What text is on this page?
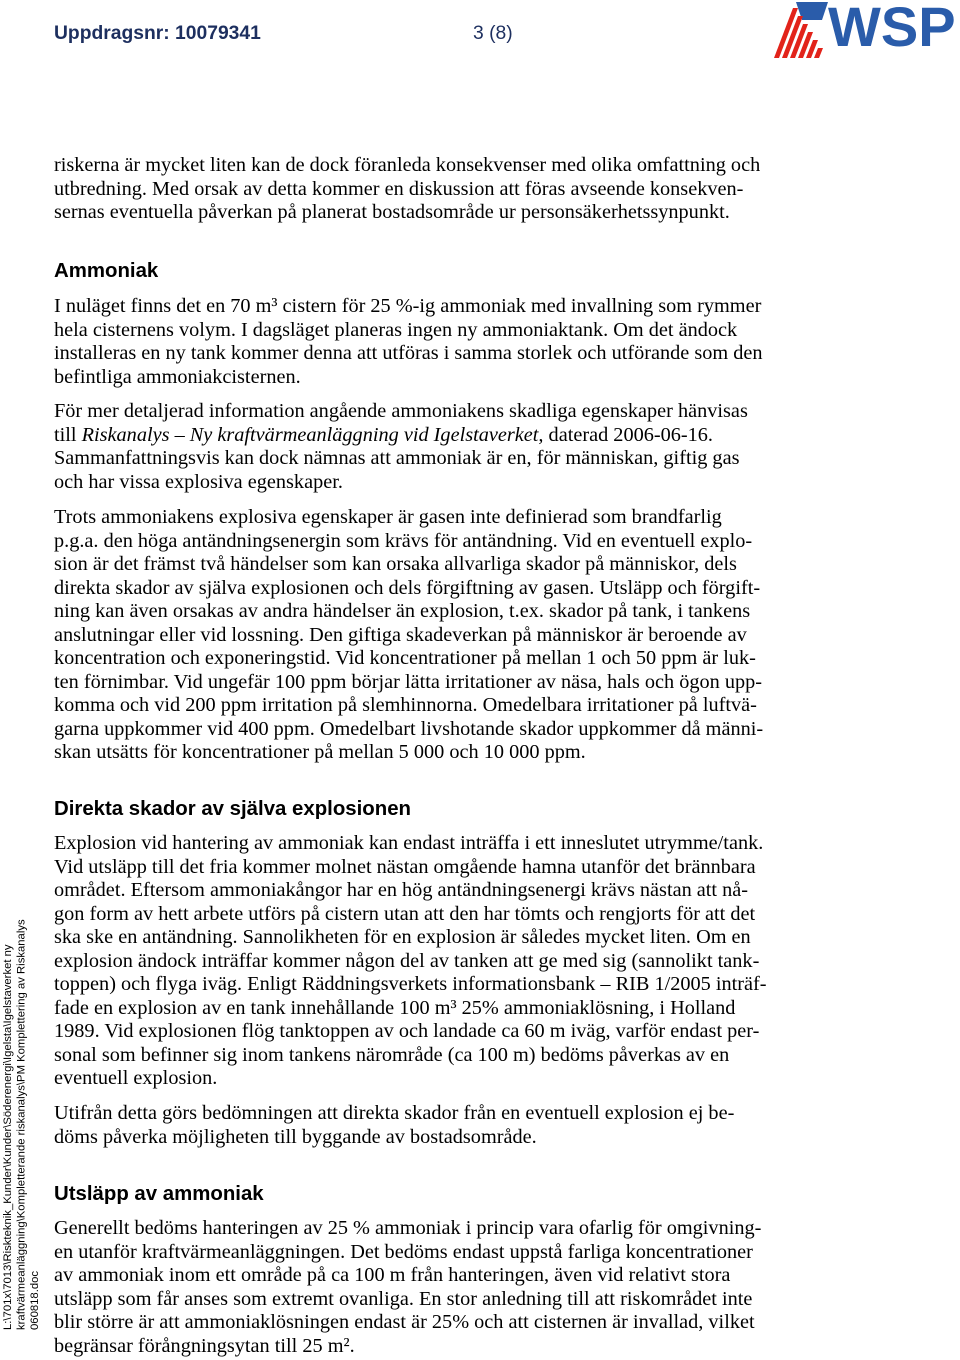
Uppdragsnr: 10079341	3 (8)	WSP
riskerna är mycket liten kan de dock föranleda konsekvenser med olika omfattning och
utbredning. Med orsak av detta kommer en diskussion att föras avseende konsekven-
sernas eventuella påverkan på planerat bostadsområde ur personsäkerhetssynpunkt.
Ammoniak
I nuläget finns det en 70 m³ cistern för 25 %-ig ammoniak med invallning som rymmer
hela cisternens volym. I dagsläget planeras ingen ny ammoniaktank. Om det ändock
installeras en ny tank kommer denna att utföras i samma storlek och utförande som den
befintliga ammoniakcisternen.
För mer detaljerad information angående ammoniakens skadliga egenskaper hänvisas
till Riskanalys – Ny kraftvärmeanläggning vid Igelstaverket, daterad 2006-06-16.
Sammanfattningsvis kan dock nämnas att ammoniak är en, för människan, giftig gas
och har vissa explosiva egenskaper.
Trots ammoniakens explosiva egenskaper är gasen inte definierad som brandfarlig
p.g.a. den höga antändningsenergin som krävs för antändning. Vid en eventuell explo-
sion är det främst två händelser som kan orsaka allvarliga skador på människor, dels
direkta skador av själva explosionen och dels förgiftning av gasen. Utsläpp och förgift-
ning kan även orsakas av andra händelser än explosion, t.ex. skador på tank, i tankens
anslutningar eller vid lossning. Den giftiga skadeverkan på människor är beroende av
koncentration och exponeringstid. Vid koncentrationer på mellan 1 och 50 ppm är luk-
ten förnimbar. Vid ungefär 100 ppm börjar lätta irritationer av näsa, hals och ögon upp-
komma och vid 200 ppm irritation på slemhinnorna. Omedelbara irritationer på luftvä-
garna uppkommer vid 400 ppm. Omedelbart livshotande skador uppkommer då männi-
skan utsätts för koncentrationer på mellan 5 000 och 10 000 ppm.
Direkta skador av själva explosionen
Explosion vid hantering av ammoniak kan endast inträffa i ett inneslutet utrymme/tank.
Vid utsläpp till det fria kommer molnet nästan omgående hamna utanför det brännbara
området. Eftersom ammoniakångor har en hög antändningsenergi krävs nästan att nå-
gon form av hett arbete utförs på cistern utan att den har tömts och rengjorts för att det
ska ske en antändning. Sannolikheten för en explosion är således mycket liten. Om en
explosion ändock inträffar kommer någon del av tanken att ge med sig (sannolikt tank-
toppen) och flyga iväg. Enligt Räddningsverkets informationsbank – RIB 1/2005 inträf-
fade en explosion av en tank innehållande 100 m³ 25% ammoniaklösning, i Holland
1989. Vid explosionen flög tanktoppen av och landade ca 60 m iväg, varför endast per-
sonal som befinner sig inom tankens närområde (ca 100 m) bedöms påverkas av en
eventuell explosion.
Utifrån detta görs bedömningen att direkta skador från en eventuell explosion ej be-
döms påverka möjligheten till byggande av bostadsområde.
Utsläpp av ammoniak
Generellt bedöms hanteringen av 25 % ammoniak i princip vara ofarlig för omgivning-
en utanför kraftvärmeanläggningen. Det bedöms endast uppstå farliga koncentrationer
av ammoniak inom ett område på ca 100 m från hanteringen, även vid relativt stora
utsläpp som får anses som extremt ovanliga. En stor anledning till att riskområdet inte
blir större är att ammoniaklösningen endast är 25% och att cisternen är invallad, vilket
begränsar förångningsytan till 25 m².
L:\701x\7013\Riskteknik_Kunder\Kunder\Söderenergi\Igelsta\Igelstaverket ny kraftvärmeanläggning\Kompletterande riskanalys\PM Komplettering av Riskanalys 060818.doc
